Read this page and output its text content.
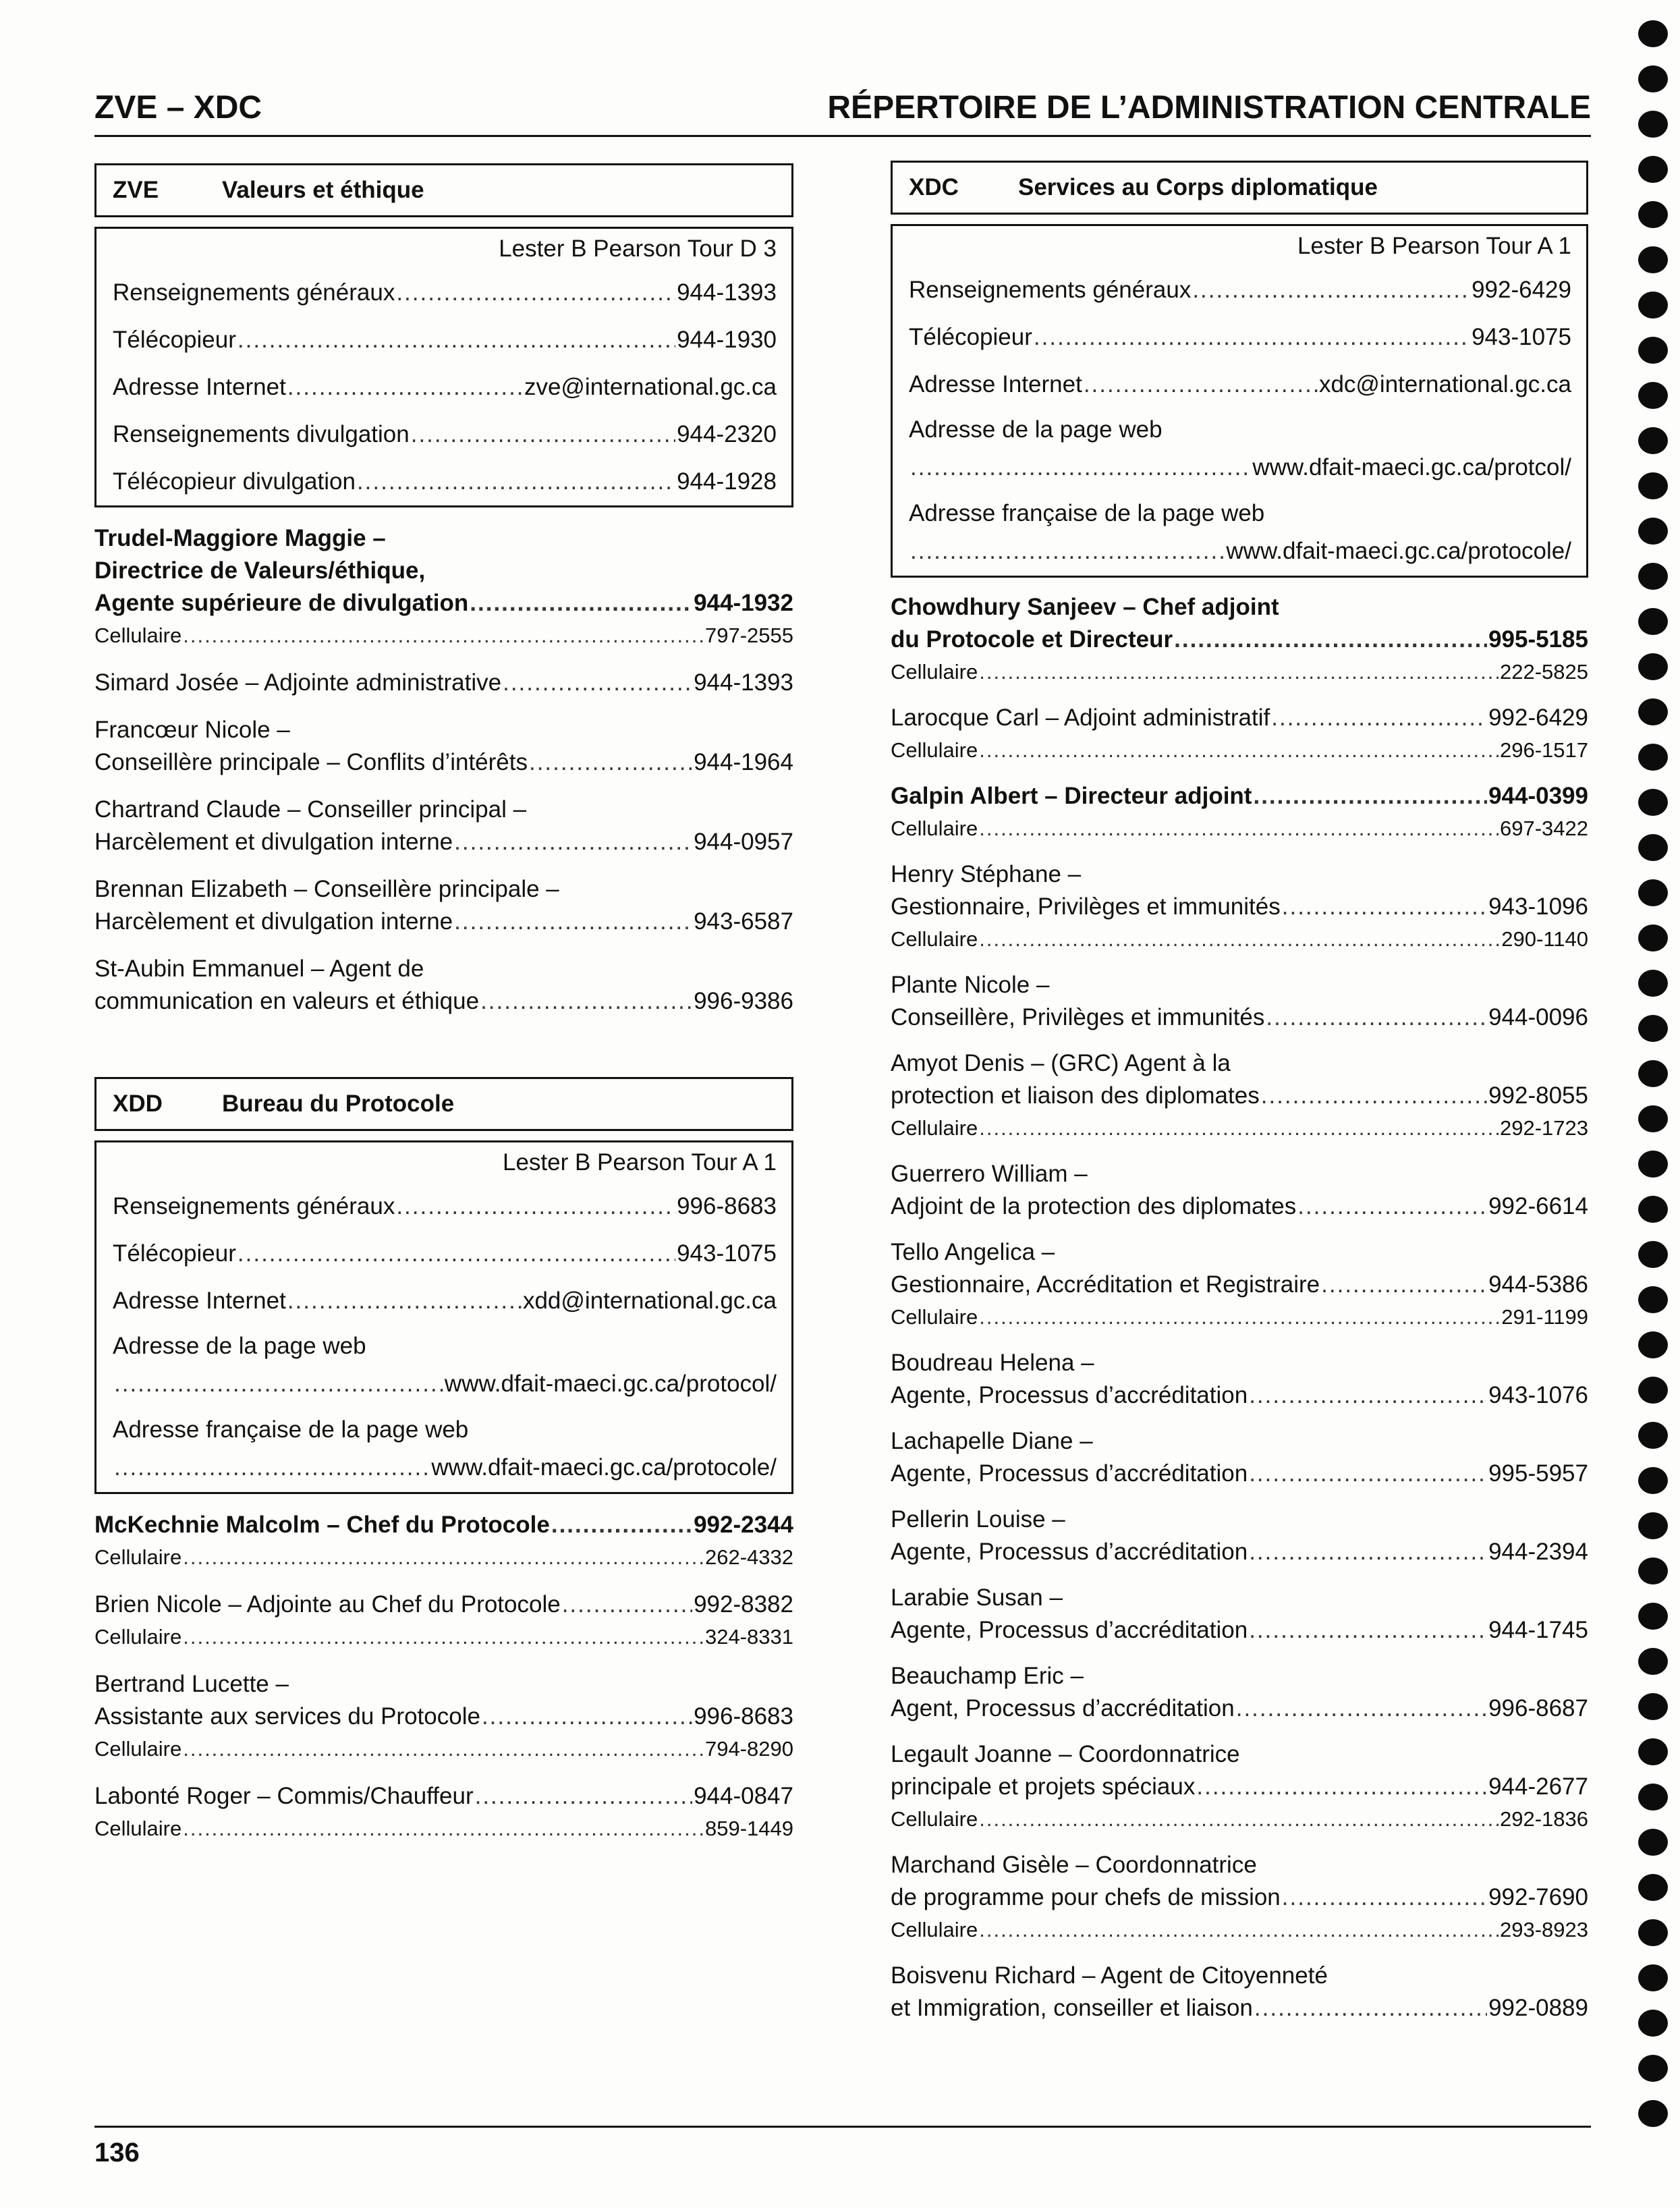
ZVE – XDC	RÉPERTOIRE DE L’ADMINISTRATION CENTRALE
ZVE	Valeurs et éthique
Lester B Pearson Tour D 3
Renseignements généraux .....	944-1393
Télécopieur .....	944-1930
Adresse Internet .....	zve@international.gc.ca
Renseignements divulgation .....	944-2320
Télécopieur divulgation .....	944-1928
Trudel-Maggiore Maggie –
Directrice de Valeurs/éthique,
Agente supérieure de divulgation .....	944-1932
Cellulaire .....	797-2555
Simard Josée – Adjointe administrative .....	944-1393
Francœur Nicole –
Conseillère principale – Conflits d’intérêts .....	944-1964
Chartrand Claude – Conseiller principal –
Harcèlement et divulgation interne .....	944-0957
Brennan Elizabeth – Conseillère principale –
Harcèlement et divulgation interne .....	943-6587
St-Aubin Emmanuel – Agent de
communication en valeurs et éthique .....	996-9386
XDD	Bureau du Protocole
Lester B Pearson Tour A 1
Renseignements généraux .....	996-8683
Télécopieur .....	943-1075
Adresse Internet .....	xdd@international.gc.ca
Adresse de la page web
.....
www.dfait-maeci.gc.ca/protocol/
Adresse française de la page web
.....
www.dfait-maeci.gc.ca/protocole/
McKechnie Malcolm – Chef du Protocole .....	992-2344
Cellulaire .....	262-4332
Brien Nicole – Adjointe au Chef du Protocole .....	992-8382
Cellulaire .....	324-8331
Bertrand Lucette –
Assistante aux services du Protocole .....	996-8683
Cellulaire .....	794-8290
Labonté Roger – Commis/Chauffeur .....	944-0847
Cellulaire .....	859-1449
XDC	Services au Corps diplomatique
Lester B Pearson Tour A 1
Renseignements généraux .....	992-6429
Télécopieur .....	943-1075
Adresse Internet .....	xdc@international.gc.ca
Adresse de la page web
.....
www.dfait-maeci.gc.ca/protcol/
Adresse française de la page web
.....
www.dfait-maeci.gc.ca/protocole/
Chowdhury Sanjeev – Chef adjoint
du Protocole et Directeur .....	995-5185
Cellulaire .....	222-5825
Larocque Carl – Adjoint administratif .....	992-6429
Cellulaire .....	296-1517
Galpin Albert – Directeur adjoint .....	944-0399
Cellulaire .....	697-3422
Henry Stéphane –
Gestionnaire, Privilèges et immunités .....	943-1096
Cellulaire .....	290-1140
Plante Nicole –
Conseillère, Privilèges et immunités .....	944-0096
Amyot Denis – (GRC) Agent à la
protection et liaison des diplomates .....	992-8055
Cellulaire .....	292-1723
Guerrero William –
Adjoint de la protection des diplomates .....	992-6614
Tello Angelica –
Gestionnaire, Accréditation et Registraire .....	944-5386
Cellulaire .....	291-1199
Boudreau Helena –
Agente, Processus d’accréditation .....	943-1076
Lachapelle Diane –
Agente, Processus d’accréditation .....	995-5957
Pellerin Louise –
Agente, Processus d’accréditation .....	944-2394
Larabie Susan –
Agente, Processus d’accréditation .....	944-1745
Beauchamp Eric –
Agent, Processus d’accréditation .....	996-8687
Legault Joanne – Coordonnatrice
principale et projets spéciaux .....	944-2677
Cellulaire .....	292-1836
Marchand Gisèle – Coordonnatrice
de programme pour chefs de mission .....	992-7690
Cellulaire .....	293-8923
Boisvenu Richard – Agent de Citoyenneté
et Immigration, conseiller et liaison .....	992-0889
136
